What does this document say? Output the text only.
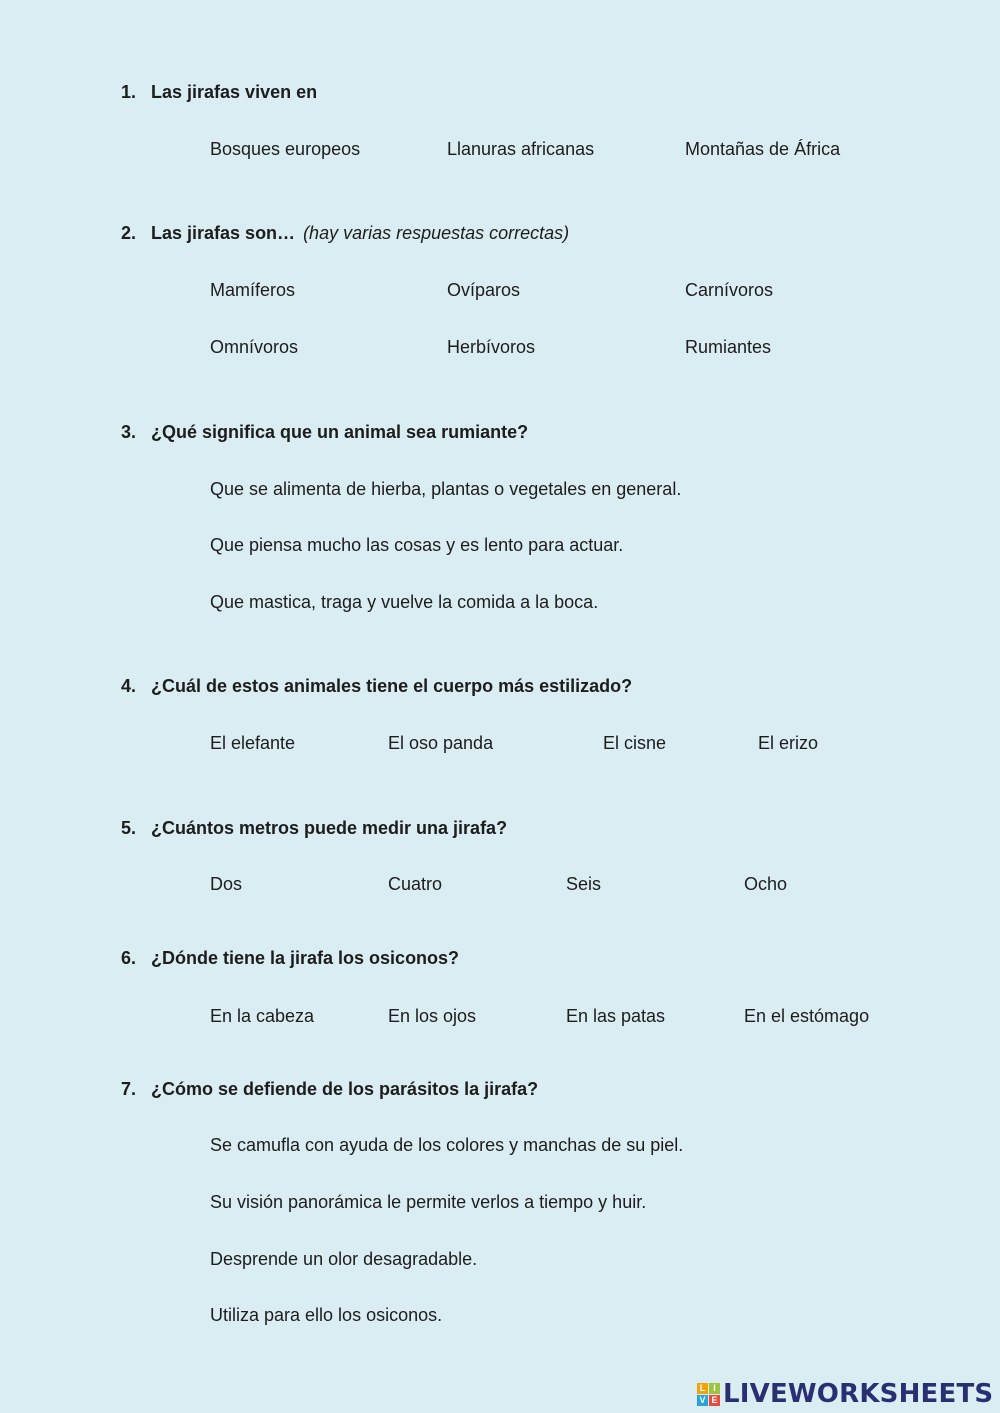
1. Las jirafas viven en
Bosques europeos	Llanuras africanas	Montañas de África
2. Las jirafas son… (hay varias respuestas correctas)
Mamíferos	Ovíparos	Carnívoros
Omnívoros	Herbívoros	Rumiantes
3. ¿Qué significa que un animal sea rumiante?
Que se alimenta de hierba, plantas o vegetales en general.
Que piensa mucho las cosas y es lento para actuar.
Que mastica, traga y vuelve la comida a la boca.
4. ¿Cuál de estos animales tiene el cuerpo más estilizado?
El elefante	El oso panda	El cisne	El erizo
5. ¿Cuántos metros puede medir una jirafa?
Dos	Cuatro	Seis	Ocho
6. ¿Dónde tiene la jirafa los osiconos?
En la cabeza	En los ojos	En las patas	En el estómago
7. ¿Cómo se defiende de los parásitos la jirafa?
Se camufla con ayuda de los colores y manchas de su piel.
Su visión panorámica le permite verlos a tiempo y huir.
Desprende un olor desagradable.
Utiliza para ello los osiconos.
L I
V E LIVEWORKSHEETS
